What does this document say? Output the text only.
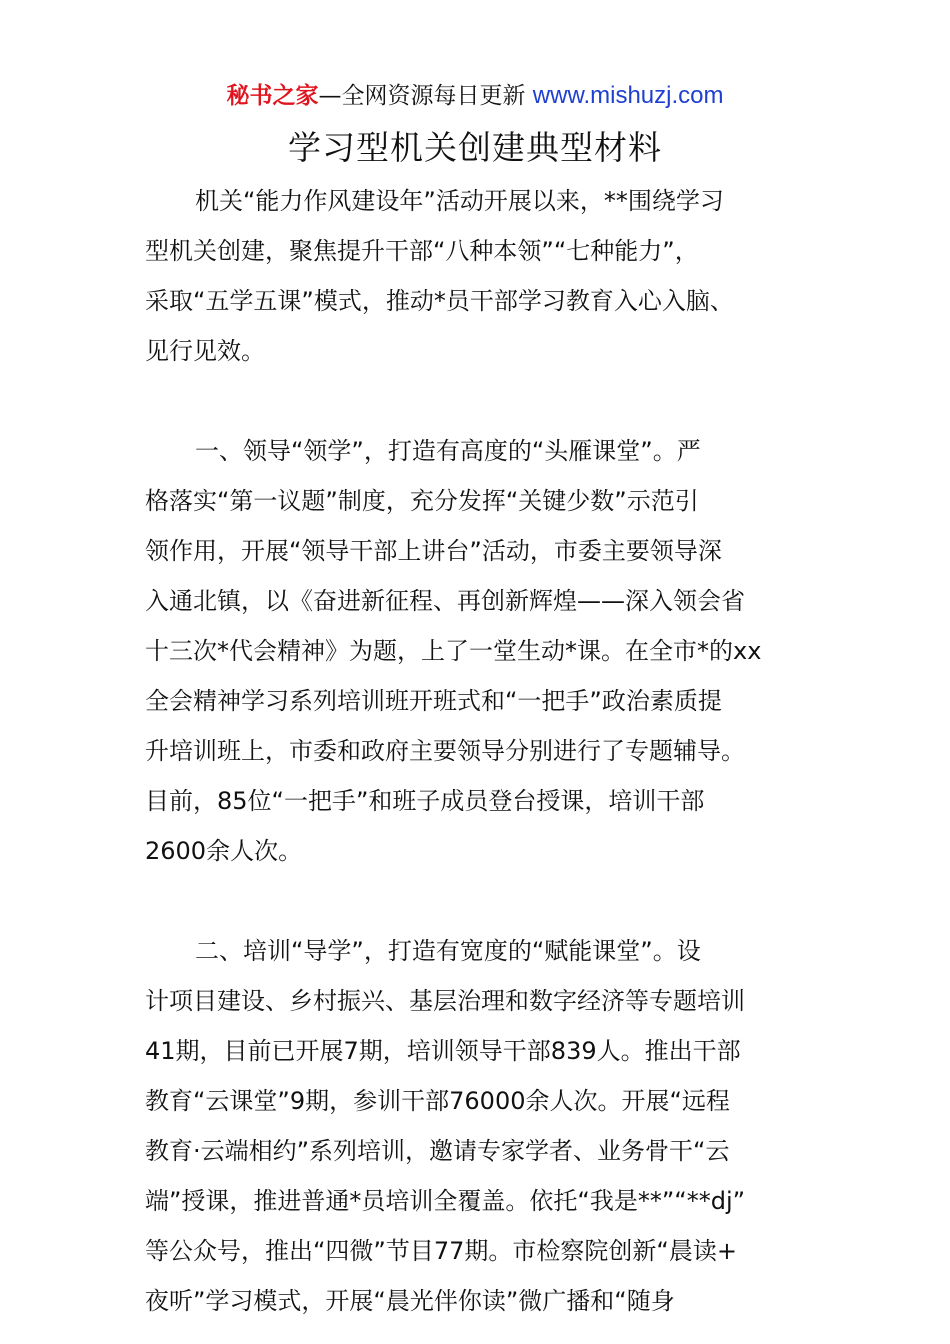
秘书之家—全网资源每日更新 www.mishuzj.com
学习型机关创建典型材料
机关“能力作风建设年”活动开展以来，**围绕学习
型机关创建，聚焦提升干部“八种本领”“七种能力”，
采取“五学五课”模式，推动*员干部学习教育入心入脑、
见行见效。
一、领导“领学”，打造有高度的“头雁课堂”。严
格落实“第一议题”制度，充分发挥“关键少数”示范引
领作用，开展“领导干部上讲台”活动，市委主要领导深
入通北镇，以《奋进新征程、再创新辉煌——深入领会省
十三次*代会精神》为题，上了一堂生动*课。在全市*的xx
全会精神学习系列培训班开班式和“一把手”政治素质提
升培训班上，市委和政府主要领导分别进行了专题辅导。
目前，85位“一把手”和班子成员登台授课，培训干部
2600余人次。
二、培训“导学”，打造有宽度的“赋能课堂”。设
计项目建设、乡村振兴、基层治理和数字经济等专题培训
41期，目前已开展7期，培训领导干部839人。推出干部
教育“云课堂”9期，参训干部76000余人次。开展“远程
教育·云端相约”系列培训，邀请专家学者、业务骨干“云
端”授课，推进普通*员培训全覆盖。依托“我是**”“**dj”
等公众号，推出“四微”节目77期。市检察院创新“晨读+
夜听”学习模式，开展“晨光伴你读”微广播和“随身
